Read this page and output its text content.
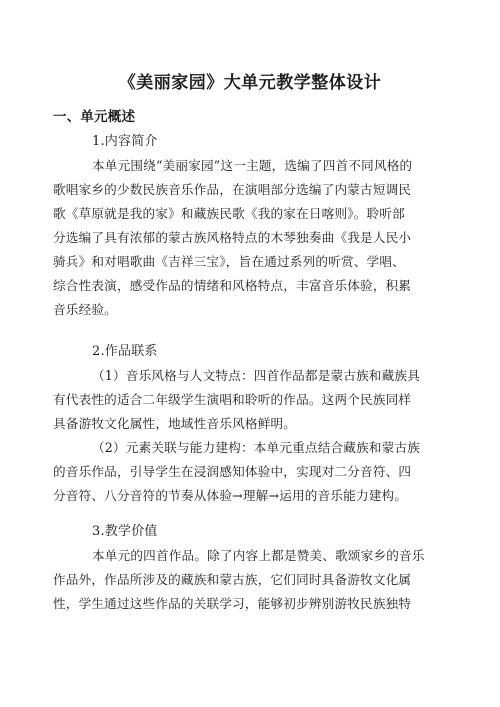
《美丽家园》大单元教学整体设计
一、单元概述
1.内容简介
本单元围绕“美丽家园”这一主题，选编了四首不同风格的
歌唱家乡的少数民族音乐作品，在演唱部分选编了内蒙古短调民
歌《草原就是我的家》和藏族民歌《我的家在日喀则》。聆听部
分选编了具有浓郁的蒙古族风格特点的木琴独奏曲《我是人民小
骑兵》和对唱歌曲《吉祥三宝》，旨在通过系列的听赏、学唱、
综合性表演，感受作品的情绪和风格特点，丰富音乐体验，积累
音乐经验。
2.作品联系
（1）音乐风格与人文特点：四首作品都是蒙古族和藏族具
有代表性的适合二年级学生演唱和聆听的作品。这两个民族同样
具备游牧文化属性，地域性音乐风格鲜明。
（2）元素关联与能力建构：本单元重点结合藏族和蒙古族
的音乐作品，引导学生在浸润感知体验中，实现对二分音符、四
分音符、八分音符的节奏从体验→理解→运用的音乐能力建构。
3.教学价值
本单元的四首作品。除了内容上都是赞美、歌颂家乡的音乐
作品外，作品所涉及的藏族和蒙古族，它们同时具备游牧文化属
性，学生通过这些作品的关联学习，能够初步辨别游牧民族独特
